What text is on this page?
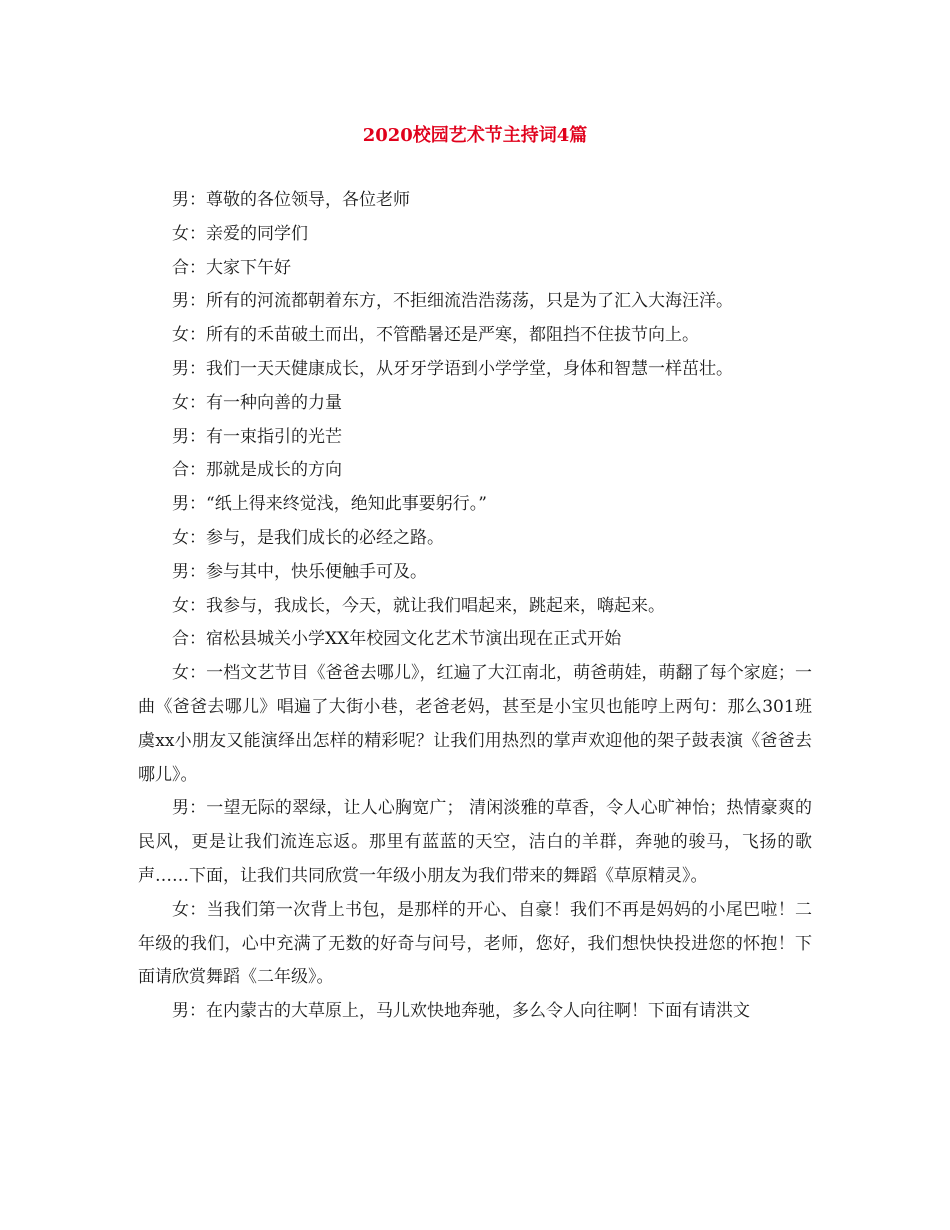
2020校园艺术节主持词4篇

男：尊敬的各位领导，各位老师

女：亲爱的同学们

合：大家下午好

男：所有的河流都朝着东方，不拒细流浩浩荡荡，只是为了汇入大海汪洋。

女：所有的禾苗破土而出，不管酷暑还是严寒，都阻挡不住拔节向上。

男：我们一天天健康成长，从牙牙学语到小学学堂，身体和智慧一样茁壮。

女：有一种向善的力量

男：有一束指引的光芒

合：那就是成长的方向

男：“纸上得来终觉浅，绝知此事要躬行。”

女：参与，是我们成长的必经之路。

男：参与其中，快乐便触手可及。

女：我参与，我成长，今天，就让我们唱起来，跳起来，嗨起来。

合：宿松县城关小学XX年校园文化艺术节演出现在正式开始

女：一档文艺节目《爸爸去哪儿》，红遍了大江南北，萌爸萌娃，萌翻了每个家庭；一曲《爸爸去哪儿》唱遍了大街小巷，老爸老妈，甚至是小宝贝也能哼上两句：那么301班虞xx小朋友又能演绎出怎样的精彩呢？让我们用热烈的掌声欢迎他的架子鼓表演《爸爸去哪儿》。

男：一望无际的翠绿，让人心胸宽广； 清闲淡雅的草香，令人心旷神怡；热情豪爽的民风，更是让我们流连忘返。那里有蓝蓝的天空，洁白的羊群，奔驰的骏马，飞扬的歌声……下面，让我们共同欣赏一年级小朋友为我们带来的舞蹈《草原精灵》。

女：当我们第一次背上书包，是那样的开心、自豪！我们不再是妈妈的小尾巴啦！二年级的我们，心中充满了无数的好奇与问号，老师，您好，我们想快快投进您的怀抱！下面请欣赏舞蹈《二年级》。

男：在内蒙古的大草原上，马儿欢快地奔驰，多么令人向往啊！下面有请洪文
